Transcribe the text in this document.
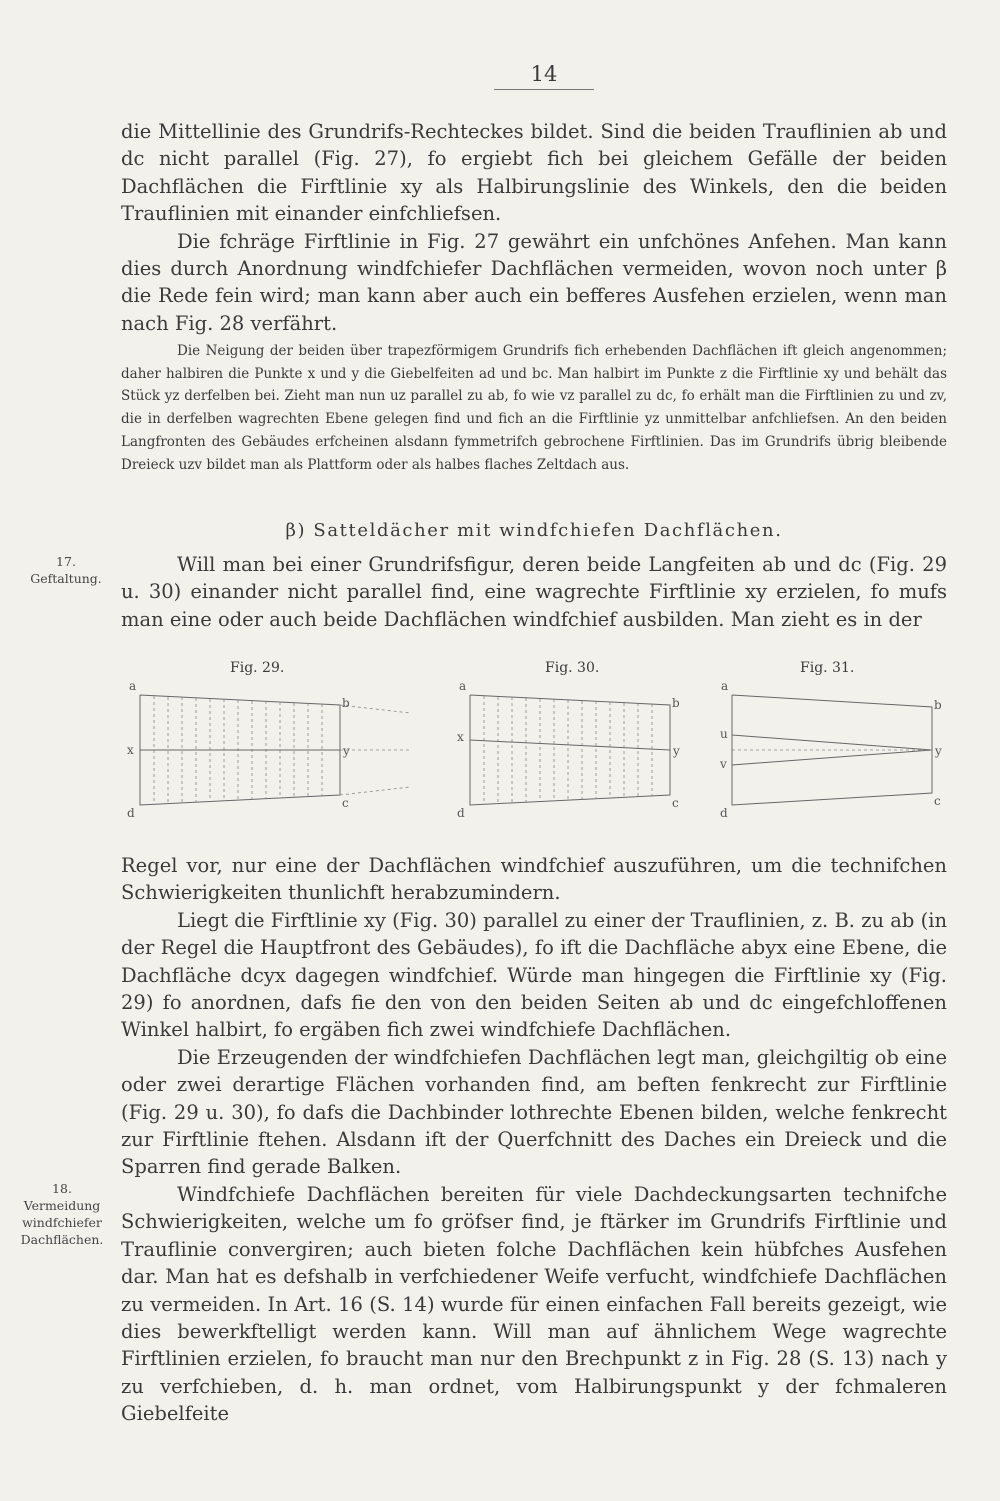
14

die Mittellinie des Grundrifs-Rechteckes bildet. Sind die beiden Trauflinien ab und dc nicht parallel (Fig. 27), fo ergiebt fich bei gleichem Gefälle der beiden Dachflächen die Firftlinie xy als Halbirungslinie des Winkels, den die beiden Trauflinien mit einander einfchliefsen.

Die fchräge Firftlinie in Fig. 27 gewährt ein unfchönes Anfehen. Man kann dies durch Anordnung windfchiefer Dachflächen vermeiden, wovon noch unter β die Rede fein wird; man kann aber auch ein befferes Ausfehen erzielen, wenn man nach Fig. 28 verfährt.

Die Neigung der beiden über trapezförmigem Grundrifs fich erhebenden Dachflächen ift gleich angenommen; daher halbiren die Punkte x und y die Giebelfeiten ad und bc. Man halbirt im Punkte z die Firftlinie xy und behält das Stück yz derfelben bei. Zieht man nun uz parallel zu ab, fo wie vz parallel zu dc, fo erhält man die Firftlinien zu und zv, die in derfelben wagrechten Ebene gelegen find und fich an die Firftlinie yz unmittelbar anfchliefsen. An den beiden Langfronten des Gebäudes erfcheinen alsdann fymmetrifch gebrochene Firftlinien. Das im Grundrifs übrig bleibende Dreieck uzv bildet man als Plattform oder als halbes flaches Zeltdach aus.

β) Satteldächer mit windfchiefen Dachflächen.

17.
Geftaltung.

Will man bei einer Grundrifsfigur, deren beide Langfeiten ab und dc (Fig. 29 u. 30) einander nicht parallel find, eine wagrechte Firftlinie xy erzielen, fo mufs man eine oder auch beide Dachflächen windfchief ausbilden. Man zieht es in der

Fig. 29.	Fig. 30.	Fig. 31.
a
b
x	y
d
c
a
b
x
y
d
c
a
b
u
v
y
d
c

Regel vor, nur eine der Dachflächen windfchief auszuführen, um die technifchen Schwierigkeiten thunlichft herabzumindern.

Liegt die Firftlinie xy (Fig. 30) parallel zu einer der Trauflinien, z. B. zu ab (in der Regel die Hauptfront des Gebäudes), fo ift die Dachfläche abyx eine Ebene, die Dachfläche dcyx dagegen windfchief. Würde man hingegen die Firftlinie xy (Fig. 29) fo anordnen, dafs fie den von den beiden Seiten ab und dc eingefchloffenen Winkel halbirt, fo ergäben fich zwei windfchiefe Dachflächen.

Die Erzeugenden der windfchiefen Dachflächen legt man, gleichgiltig ob eine oder zwei derartige Flächen vorhanden find, am beften fenkrecht zur Firftlinie (Fig. 29 u. 30), fo dafs die Dachbinder lothrechte Ebenen bilden, welche fenkrecht zur Firftlinie ftehen. Alsdann ift der Querfchnitt des Daches ein Dreieck und die Sparren find gerade Balken.

Windfchiefe Dachflächen bereiten für viele Dachdeckungsarten technifche Schwierigkeiten, welche um fo gröfser find, je ftärker im Grundrifs Firftlinie und Trauflinie convergiren; auch bieten folche Dachflächen kein hübfches Ausfehen dar. Man hat es defshalb in verfchiedener Weife verfucht, windfchiefe Dachflächen zu vermeiden. In Art. 16 (S. 14) wurde für einen einfachen Fall bereits gezeigt, wie dies bewerkftelligt werden kann. Will man auf ähnlichem Wege wagrechte Firftlinien erzielen, fo braucht man nur den Brechpunkt z in Fig. 28 (S. 13) nach y zu verfchieben, d. h. man ordnet, vom Halbirungspunkt y der fchmaleren Giebelfeite

18.
Vermeidung windfchiefer Dachflächen.
